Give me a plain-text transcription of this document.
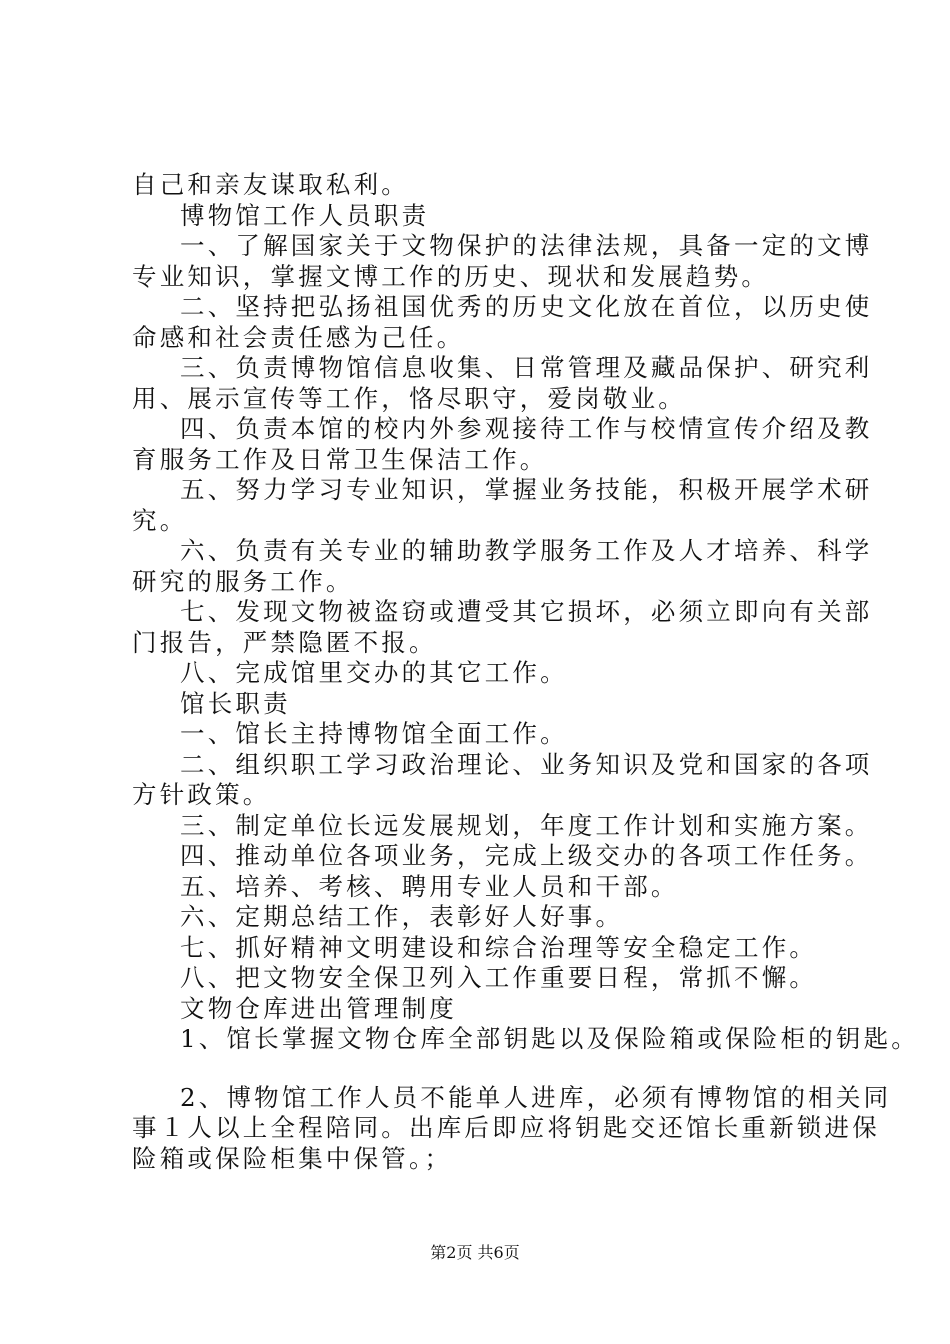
自己和亲友谋取私利。
博物馆工作人员职责
一、了解国家关于文物保护的法律法规，具备一定的文博
专业知识，掌握文博工作的历史、现状和发展趋势。
二、坚持把弘扬祖国优秀的历史文化放在首位，以历史使
命感和社会责任感为己任。
三、负责博物馆信息收集、日常管理及藏品保护、研究利
用、展示宣传等工作，恪尽职守，爱岗敬业。
四、负责本馆的校内外参观接待工作与校情宣传介绍及教
育服务工作及日常卫生保洁工作。
五、努力学习专业知识，掌握业务技能，积极开展学术研
究。
六、负责有关专业的辅助教学服务工作及人才培养、科学
研究的服务工作。
七、发现文物被盗窃或遭受其它损坏，必须立即向有关部
门报告，严禁隐匿不报。
八、完成馆里交办的其它工作。
馆长职责
一、馆长主持博物馆全面工作。
二、组织职工学习政治理论、业务知识及党和国家的各项
方针政策。
三、制定单位长远发展规划，年度工作计划和实施方案。
四、推动单位各项业务，完成上级交办的各项工作任务。
五、培养、考核、聘用专业人员和干部。
六、定期总结工作，表彰好人好事。
七、抓好精神文明建设和综合治理等安全稳定工作。
八、把文物安全保卫列入工作重要日程，常抓不懈。
文物仓库进出管理制度
1、馆长掌握文物仓库全部钥匙以及保险箱或保险柜的钥匙。
2、博物馆工作人员不能单人进库，必须有博物馆的相关同
事１人以上全程陪同。出库后即应将钥匙交还馆长重新锁进保
险箱或保险柜集中保管。；
第2页 共6页
